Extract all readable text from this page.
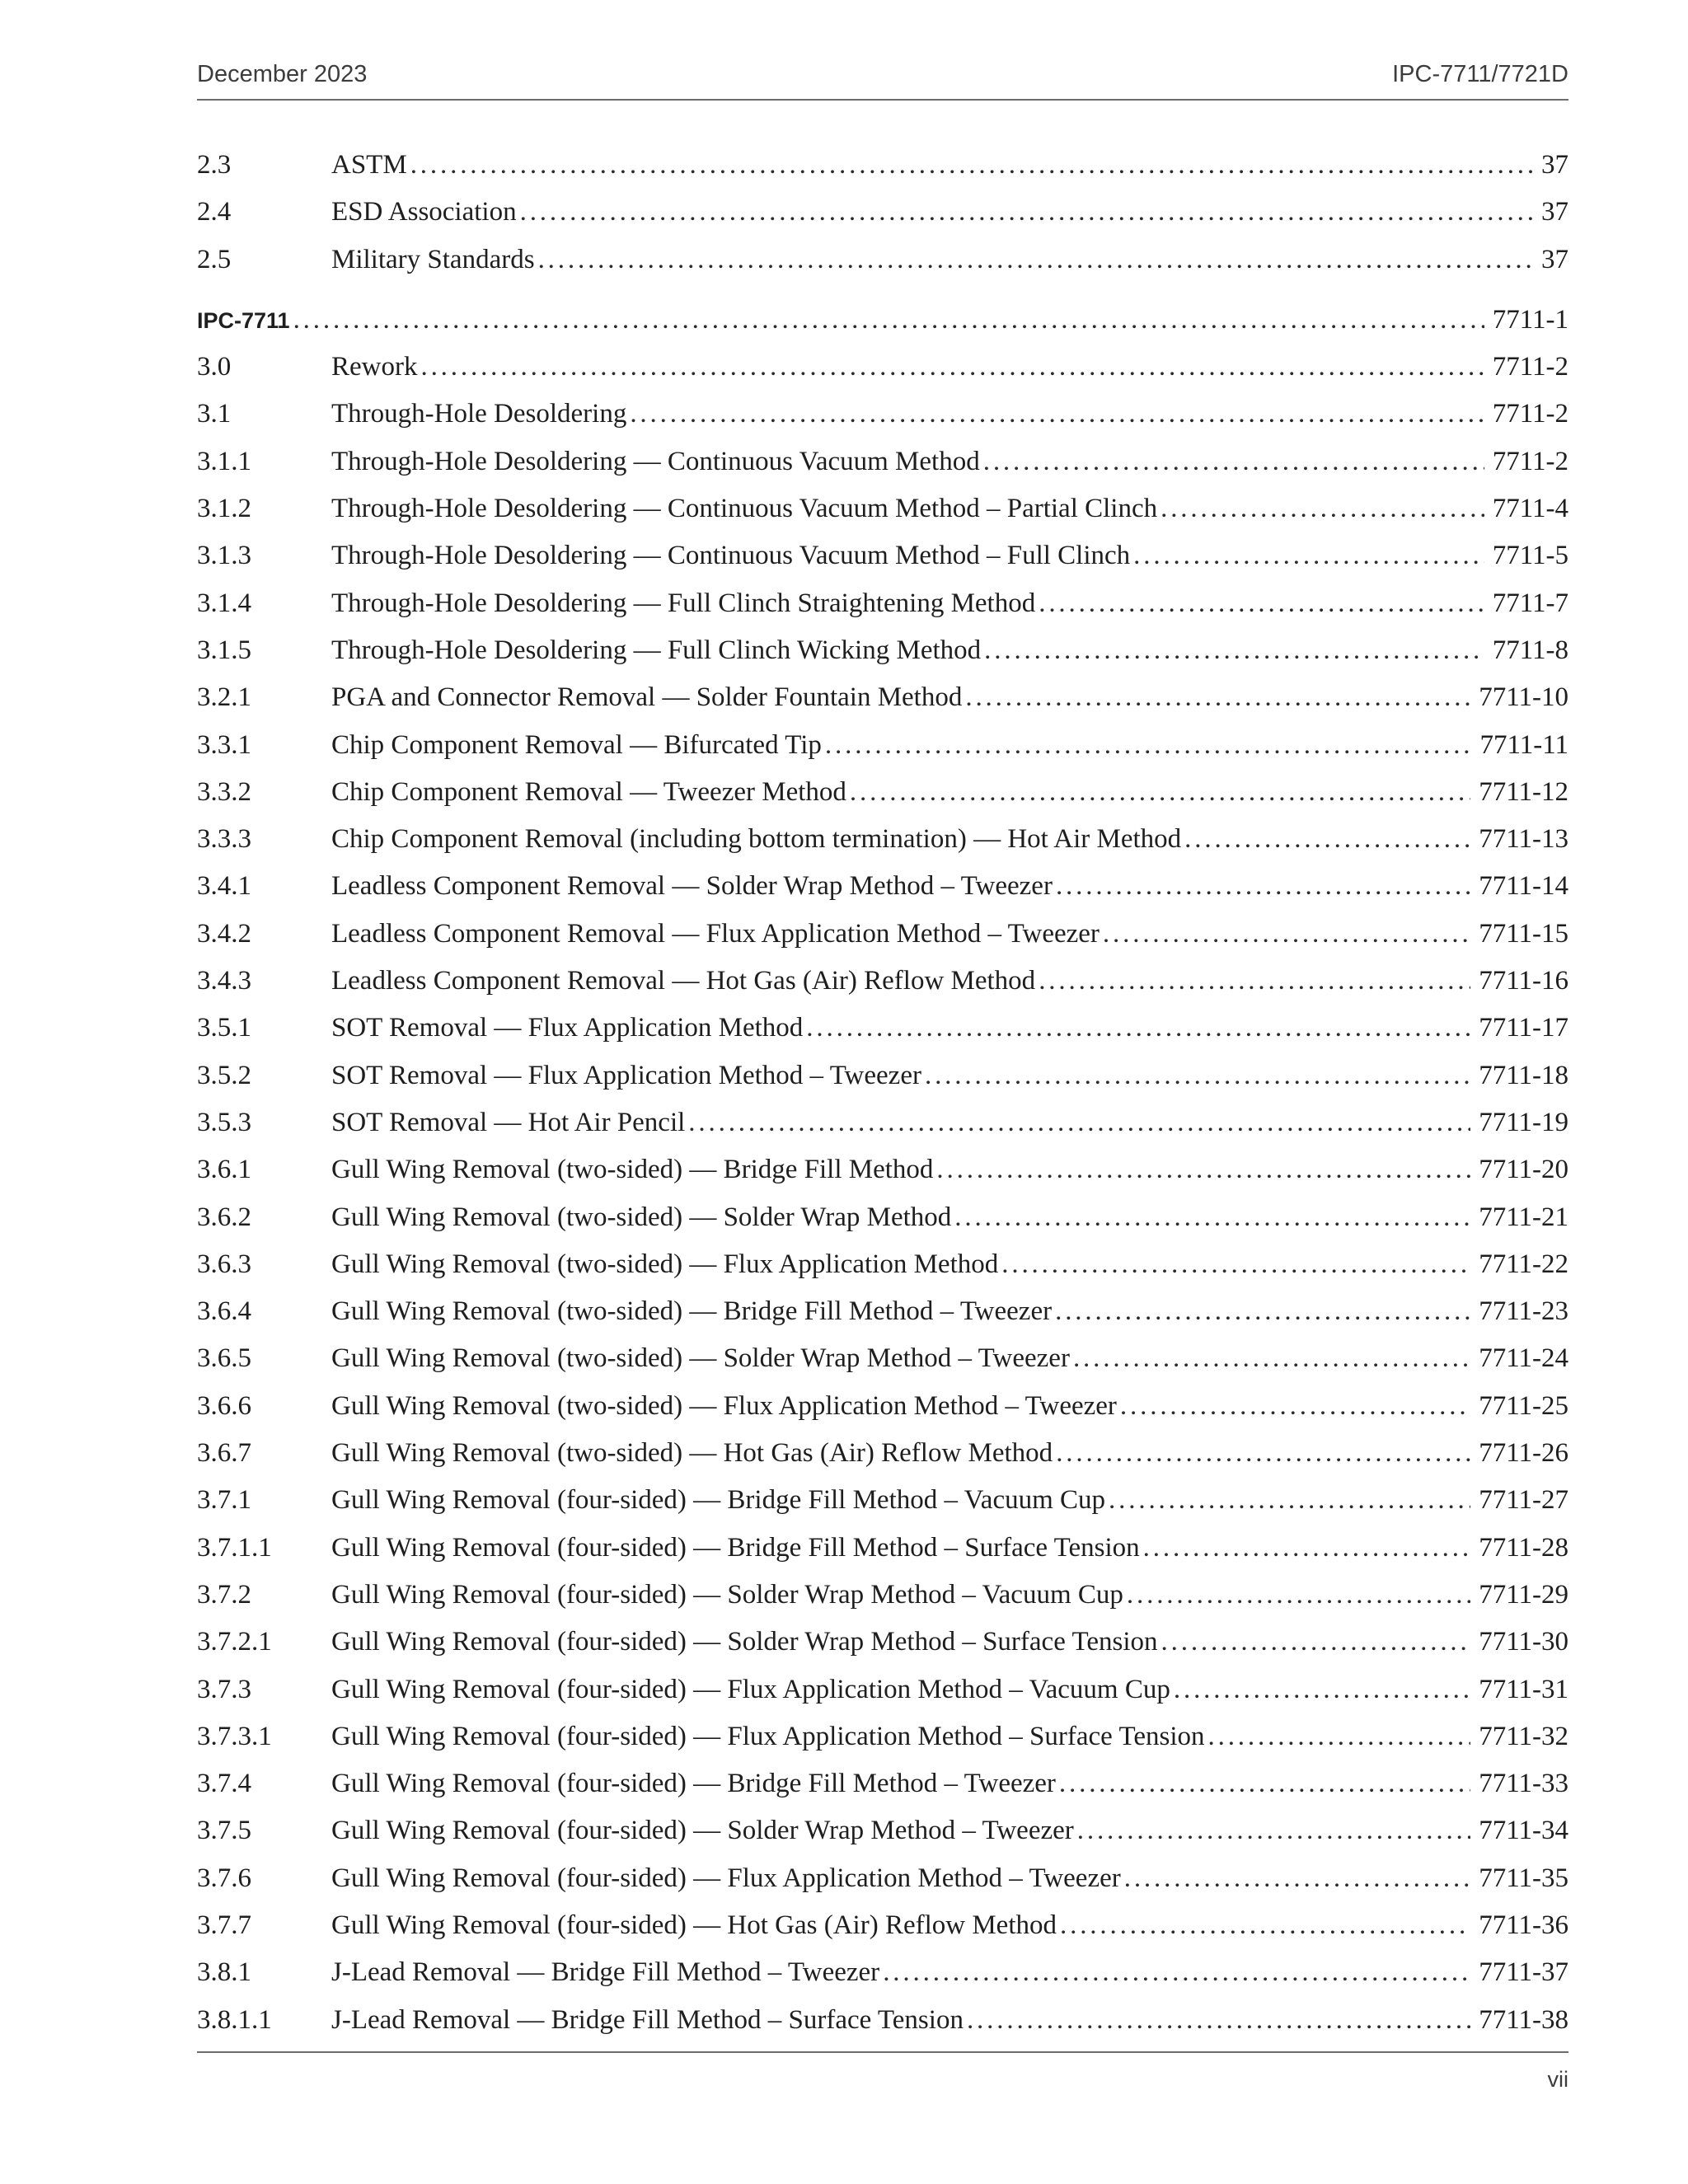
December 2023	IPC-7711/7721D
2.3	ASTM . . .	37
2.4	ESD Association . . .	37
2.5	Military Standards . . .	37
IPC-7711 . . .	7711-1
3.0	Rework . . .	7711-2
3.1	Through-Hole Desoldering . . .	7711-2
3.1.1	Through-Hole Desoldering — Continuous Vacuum Method . . .	7711-2
3.1.2	Through-Hole Desoldering — Continuous Vacuum Method – Partial Clinch . . .	7711-4
3.1.3	Through-Hole Desoldering — Continuous Vacuum Method – Full Clinch . . .	7711-5
3.1.4	Through-Hole Desoldering — Full Clinch Straightening Method . . .	7711-7
3.1.5	Through-Hole Desoldering — Full Clinch Wicking Method . . .	7711-8
3.2.1	PGA and Connector Removal — Solder Fountain Method . . .	7711-10
3.3.1	Chip Component Removal — Bifurcated Tip . . .	7711-11
3.3.2	Chip Component Removal — Tweezer Method . . .	7711-12
3.3.3	Chip Component Removal (including bottom termination) — Hot Air Method . . .	7711-13
3.4.1	Leadless Component Removal — Solder Wrap Method – Tweezer . . .	7711-14
3.4.2	Leadless Component Removal — Flux Application Method – Tweezer . . .	7711-15
3.4.3	Leadless Component Removal — Hot Gas (Air) Reflow Method . . .	7711-16
3.5.1	SOT Removal — Flux Application Method . . .	7711-17
3.5.2	SOT Removal — Flux Application Method – Tweezer . . .	7711-18
3.5.3	SOT Removal — Hot Air Pencil . . .	7711-19
3.6.1	Gull Wing Removal (two-sided) — Bridge Fill Method . . .	7711-20
3.6.2	Gull Wing Removal (two-sided) — Solder Wrap Method . . .	7711-21
3.6.3	Gull Wing Removal (two-sided) — Flux Application Method . . .	7711-22
3.6.4	Gull Wing Removal (two-sided) — Bridge Fill Method – Tweezer . . .	7711-23
3.6.5	Gull Wing Removal (two-sided) — Solder Wrap Method – Tweezer . . .	7711-24
3.6.6	Gull Wing Removal (two-sided) — Flux Application Method – Tweezer . . .	7711-25
3.6.7	Gull Wing Removal (two-sided) — Hot Gas (Air) Reflow Method . . .	7711-26
3.7.1	Gull Wing Removal (four-sided) — Bridge Fill Method – Vacuum Cup . . .	7711-27
3.7.1.1	Gull Wing Removal (four-sided) — Bridge Fill Method – Surface Tension . . .	7711-28
3.7.2	Gull Wing Removal (four-sided) — Solder Wrap Method – Vacuum Cup . . .	7711-29
3.7.2.1	Gull Wing Removal (four-sided) — Solder Wrap Method – Surface Tension . . .	7711-30
3.7.3	Gull Wing Removal (four-sided) — Flux Application Method – Vacuum Cup . . .	7711-31
3.7.3.1	Gull Wing Removal (four-sided) — Flux Application Method – Surface Tension . . .	7711-32
3.7.4	Gull Wing Removal (four-sided) — Bridge Fill Method – Tweezer . . .	7711-33
3.7.5	Gull Wing Removal (four-sided) — Solder Wrap Method – Tweezer . . .	7711-34
3.7.6	Gull Wing Removal (four-sided) — Flux Application Method – Tweezer . . .	7711-35
3.7.7	Gull Wing Removal (four-sided) — Hot Gas (Air) Reflow Method . . .	7711-36
3.8.1	J-Lead Removal — Bridge Fill Method – Tweezer . . .	7711-37
3.8.1.1	J-Lead Removal — Bridge Fill Method – Surface Tension . . .	7711-38
vii
